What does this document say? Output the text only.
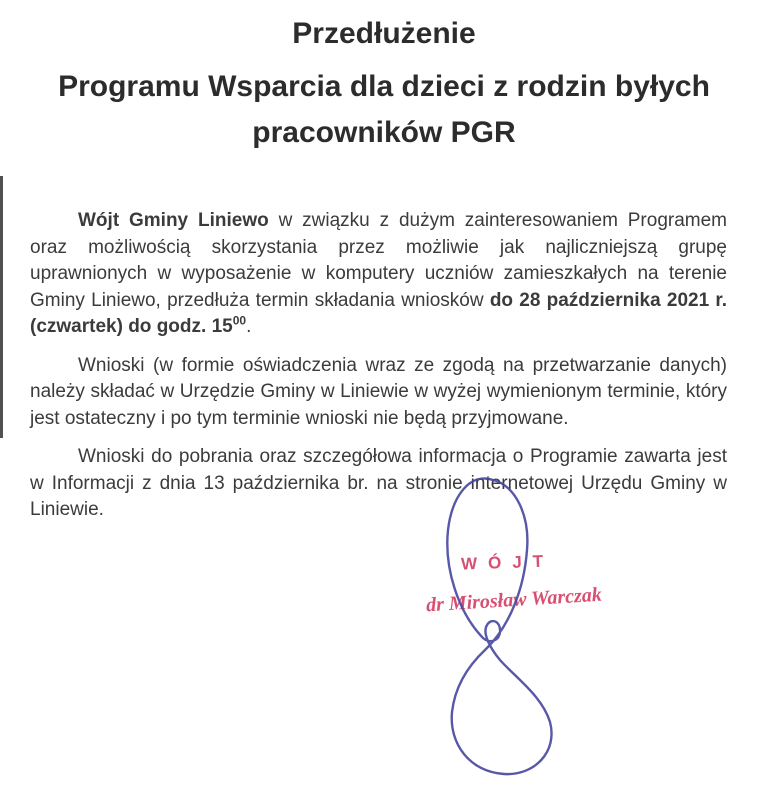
Przedłużenie
Programu Wsparcia dla dzieci z rodzin byłych
pracowników PGR

Wójt Gminy Liniewo w związku z dużym zainteresowaniem Programem oraz możliwością skorzystania przez możliwie jak najliczniejszą grupę uprawnionych w wyposażenie w komputery uczniów zamieszkałych na terenie Gminy Liniewo, przedłuża termin składania wniosków do 28 października 2021 r. (czwartek) do godz. $15^{00}$.

Wnioski (w formie oświadczenia wraz ze zgodą na przetwarzanie danych) należy składać w Urzędzie Gminy w Liniewie w wyżej wymienionym terminie, który jest ostateczny i po tym terminie wnioski nie będą przyjmowane.

Wnioski do pobrania oraz szczegółowa informacja o Programie zawarta jest w Informacji z dnia 13 października br. na stronie internetowej Urzędu Gminy w Liniewie.

WÓJT
dr Mirosław Warczak
